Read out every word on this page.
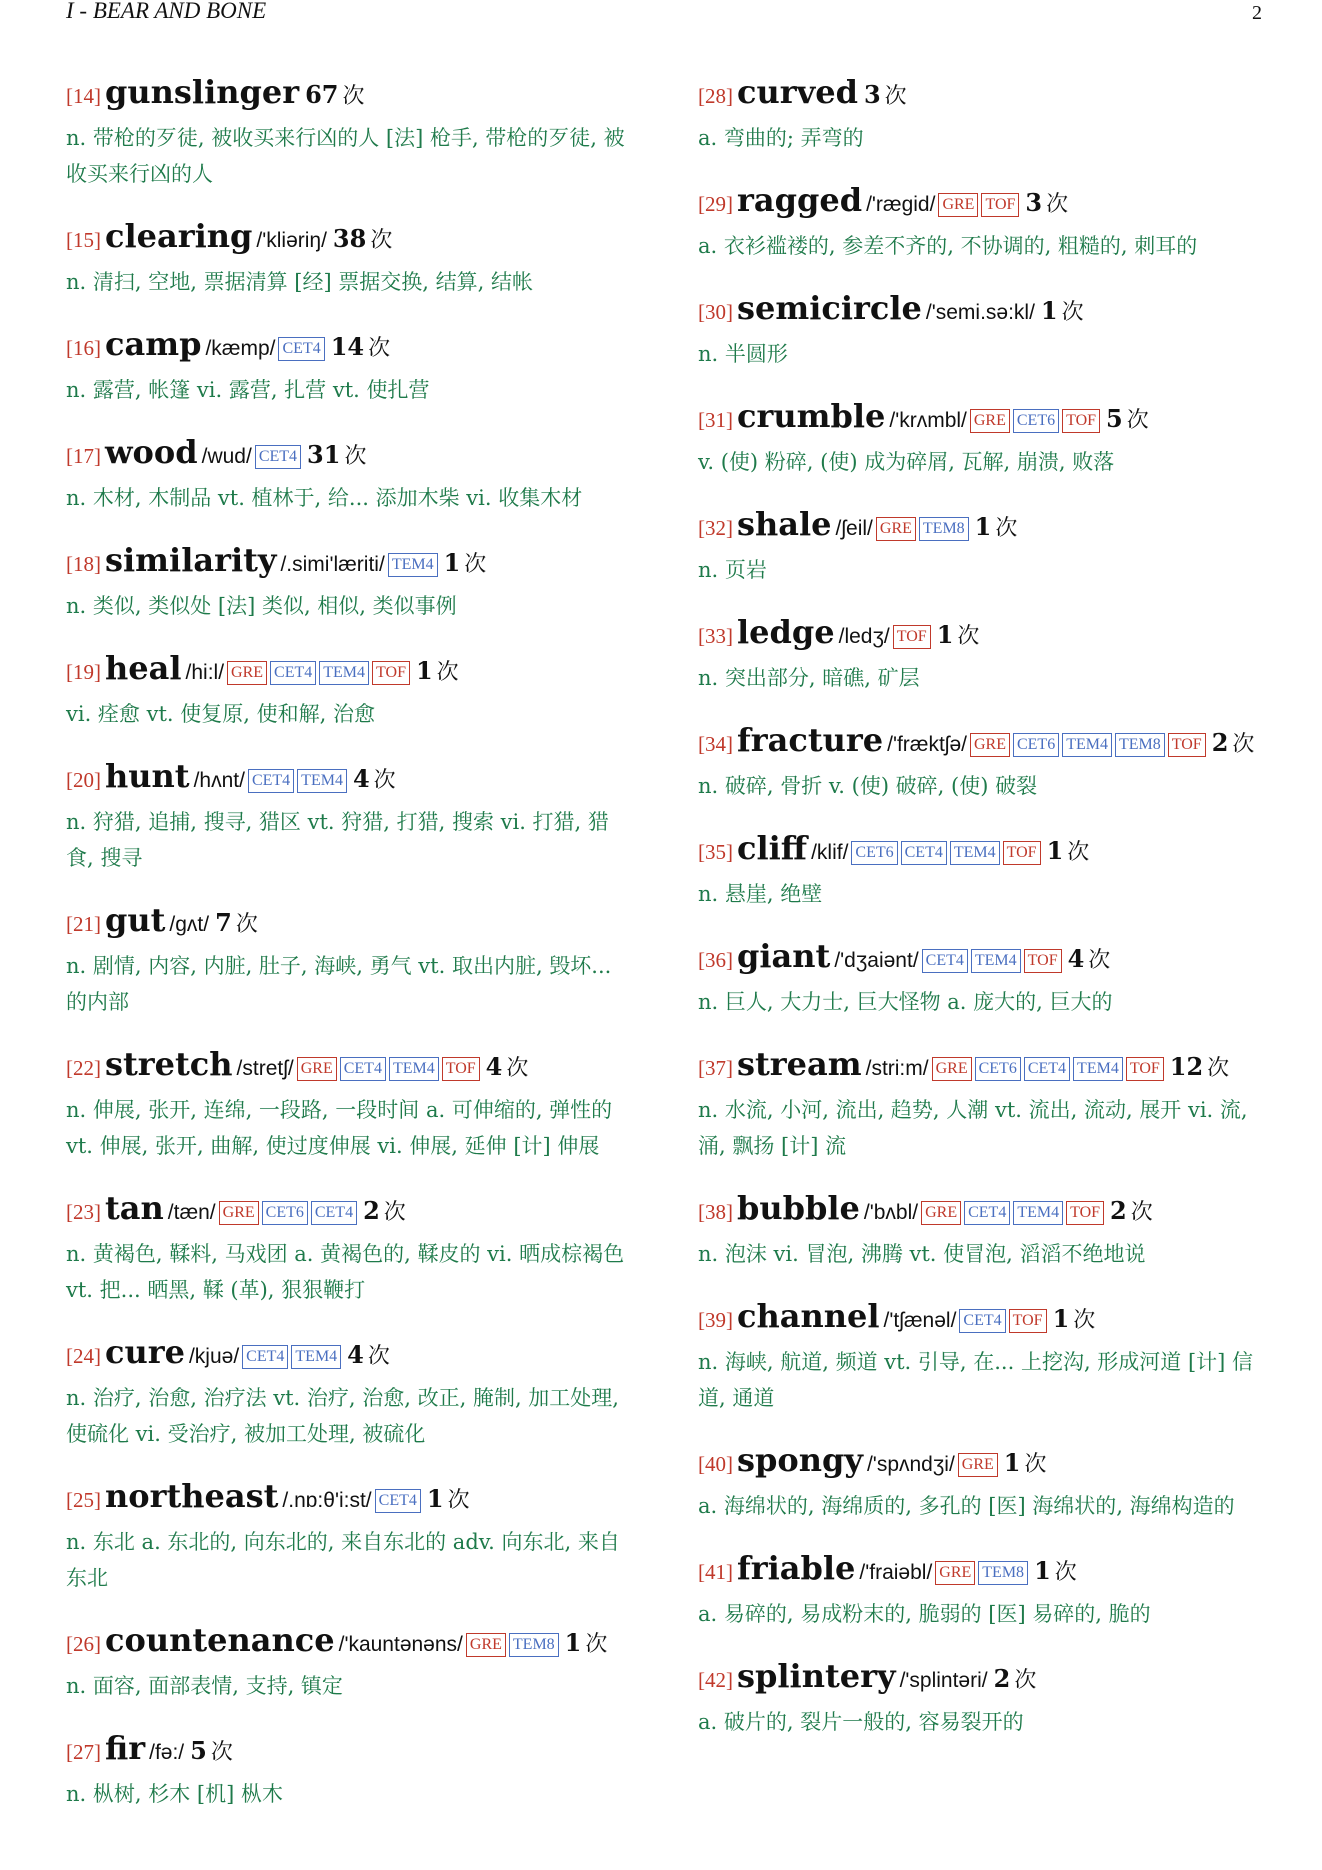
I - BEAR AND BONE	2
[14] gunslinger 67 次
n. 带枪的歹徒, 被收买来行凶的人 [法] 枪手, 带枪的歹徒, 被收买来行凶的人
[15] clearing /'kliəriŋ/ 38 次
n. 清扫, 空地, 票据清算 [经] 票据交换, 结算, 结帐
[16] camp /kæmp/ CET4 14 次
n. 露营, 帐篷 vi. 露营, 扎营 vt. 使扎营
[17] wood /wud/ CET4 31 次
n. 木材, 木制品 vt. 植林于, 给... 添加木柴 vi. 收集木材
[18] similarity /.simi'læriti/ TEM4 1 次
n. 类似, 类似处 [法] 类似, 相似, 类似事例
[19] heal /hi:l/ GRE CET4 TEM4 TOF 1 次
vi. 痊愈 vt. 使复原, 使和解, 治愈
[20] hunt /hʌnt/ CET4 TEM4 4 次
n. 狩猎, 追捕, 搜寻, 猎区 vt. 狩猎, 打猎, 搜索 vi. 打猎, 猎食, 搜寻
[21] gut /gʌt/ 7 次
n. 剧情, 内容, 内脏, 肚子, 海峡, 勇气 vt. 取出内脏, 毁坏... 的内部
[22] stretch /stretʃ/ GRE CET4 TEM4 TOF 4 次
n. 伸展, 张开, 连绵, 一段路, 一段时间 a. 可伸缩的, 弹性的 vt. 伸展, 张开, 曲解, 使过度伸展 vi. 伸展, 延伸 [计] 伸展
[23] tan /tæn/ GRE CET6 CET4 2 次
n. 黄褐色, 鞣料, 马戏团 a. 黄褐色的, 鞣皮的 vi. 晒成棕褐色 vt. 把... 晒黑, 鞣 (革), 狠狠鞭打
[24] cure /kjuə/ CET4 TEM4 4 次
n. 治疗, 治愈, 治疗法 vt. 治疗, 治愈, 改正, 腌制, 加工处理, 使硫化 vi. 受治疗, 被加工处理, 被硫化
[25] northeast /.nɒ:θ'i:st/ CET4 1 次
n. 东北 a. 东北的, 向东北的, 来自东北的 adv. 向东北, 来自东北
[26] countenance /'kauntənəns/ GRE TEM8 1 次
n. 面容, 面部表情, 支持, 镇定
[27] fir /fə:/ 5 次
n. 枞树, 杉木 [机] 枞木
[28] curved 3 次
a. 弯曲的; 弄弯的
[29] ragged /'rægid/ GRE TOF 3 次
a. 衣衫褴褛的, 参差不齐的, 不协调的, 粗糙的, 刺耳的
[30] semicircle /'semi.sə:kl/ 1 次
n. 半圆形
[31] crumble /'krʌmbl/ GRE CET6 TOF 5 次
v. (使) 粉碎, (使) 成为碎屑, 瓦解, 崩溃, 败落
[32] shale /ʃeil/ GRE TEM8 1 次
n. 页岩
[33] ledge /ledʒ/ TOF 1 次
n. 突出部分, 暗礁, 矿层
[34] fracture /'fræktʃə/ GRE CET6 TEM4 TEM8 TOF 2 次
n. 破碎, 骨折 v. (使) 破碎, (使) 破裂
[35] cliff /klif/ CET6 CET4 TEM4 TOF 1 次
n. 悬崖, 绝壁
[36] giant /'dʒaiənt/ CET4 TEM4 TOF 4 次
n. 巨人, 大力士, 巨大怪物 a. 庞大的, 巨大的
[37] stream /stri:m/ GRE CET6 CET4 TEM4 TOF 12 次
n. 水流, 小河, 流出, 趋势, 人潮 vt. 流出, 流动, 展开 vi. 流, 涌, 飘扬 [计] 流
[38] bubble /'bʌbl/ GRE CET4 TEM4 TOF 2 次
n. 泡沫 vi. 冒泡, 沸腾 vt. 使冒泡, 滔滔不绝地说
[39] channel /'tʃænəl/ CET4 TOF 1 次
n. 海峡, 航道, 频道 vt. 引导, 在... 上挖沟, 形成河道 [计] 信道, 通道
[40] spongy /'spʌndʒi/ GRE 1 次
a. 海绵状的, 海绵质的, 多孔的 [医] 海绵状的, 海绵构造的
[41] friable /'fraiəbl/ GRE TEM8 1 次
a. 易碎的, 易成粉末的, 脆弱的 [医] 易碎的, 脆的
[42] splintery /'splintəri/ 2 次
a. 破片的, 裂片一般的, 容易裂开的
